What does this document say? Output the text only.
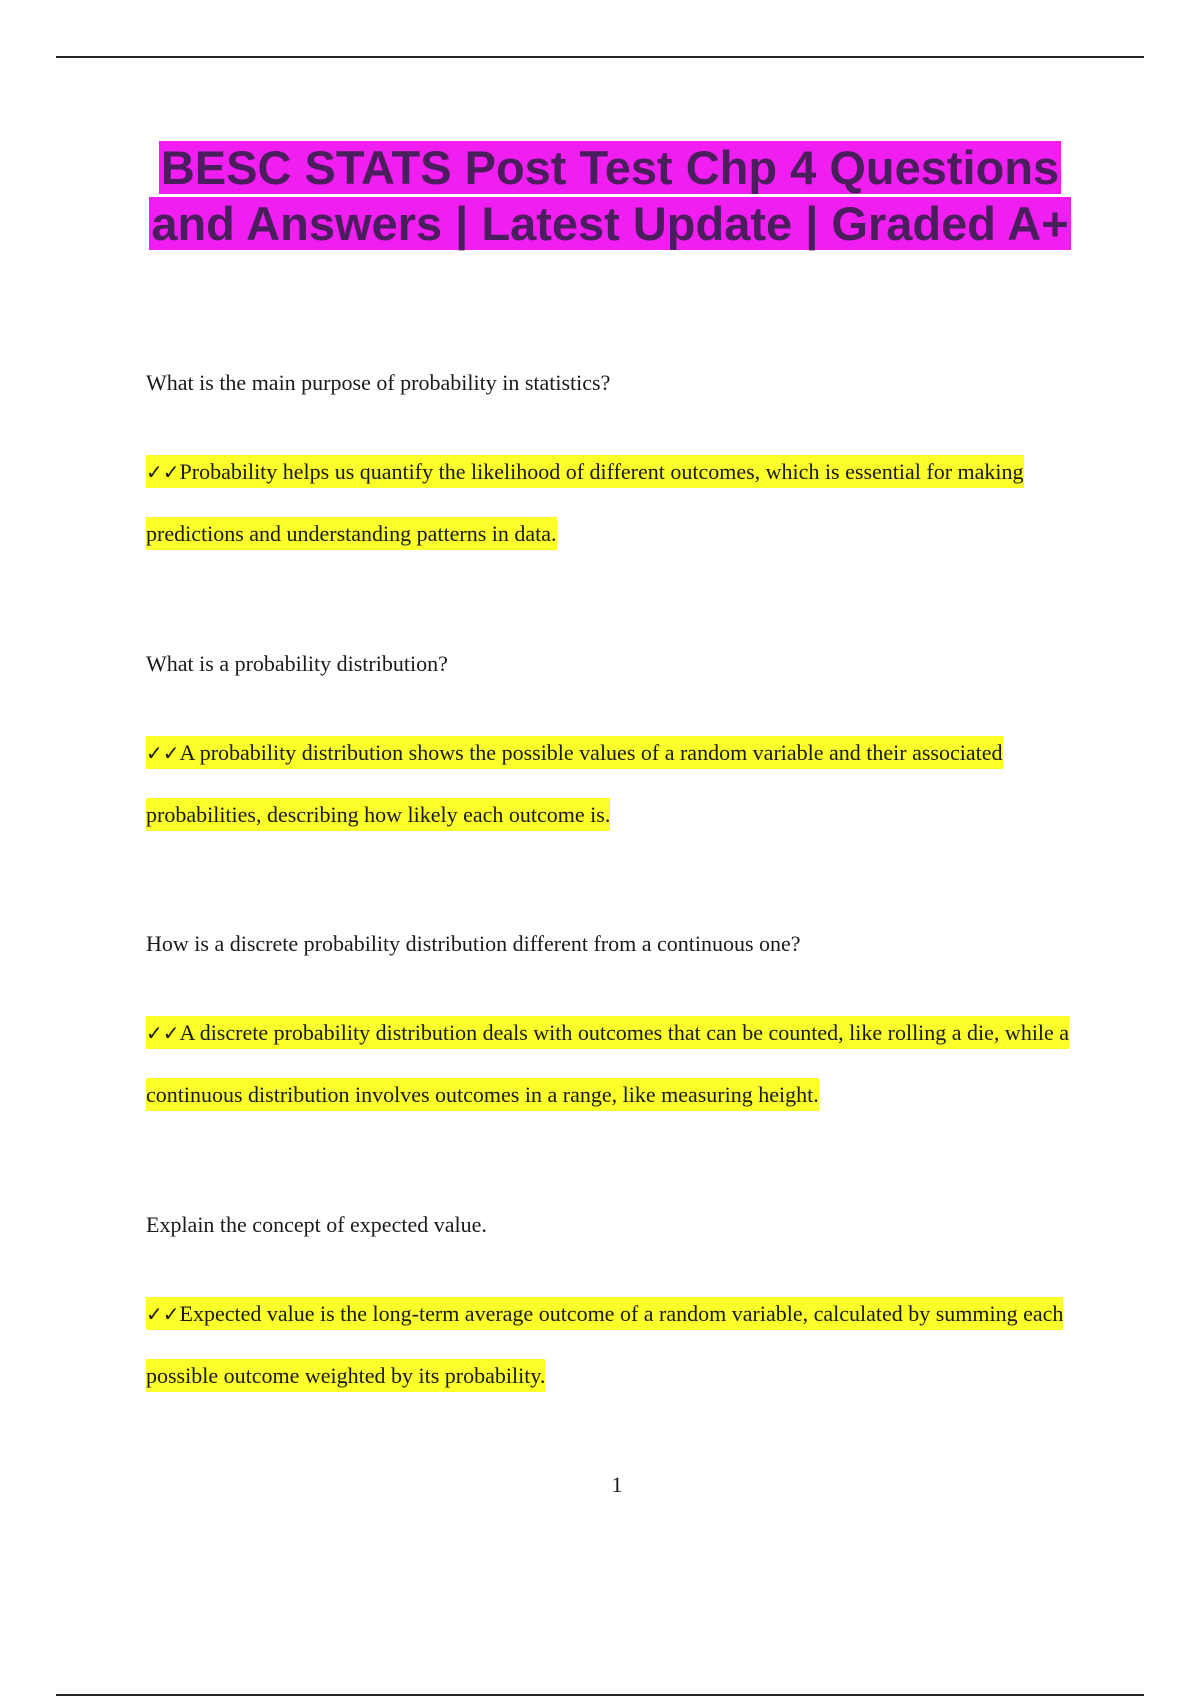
BESC STATS Post Test Chp 4 Questions and Answers | Latest Update | Graded A+

What is the main purpose of probability in statistics?

✓✓Probability helps us quantify the likelihood of different outcomes, which is essential for making predictions and understanding patterns in data.

What is a probability distribution?

✓✓A probability distribution shows the possible values of a random variable and their associated probabilities, describing how likely each outcome is.

How is a discrete probability distribution different from a continuous one?

✓✓A discrete probability distribution deals with outcomes that can be counted, like rolling a die, while a continuous distribution involves outcomes in a range, like measuring height.

Explain the concept of expected value.

✓✓Expected value is the long-term average outcome of a random variable, calculated by summing each possible outcome weighted by its probability.

1
